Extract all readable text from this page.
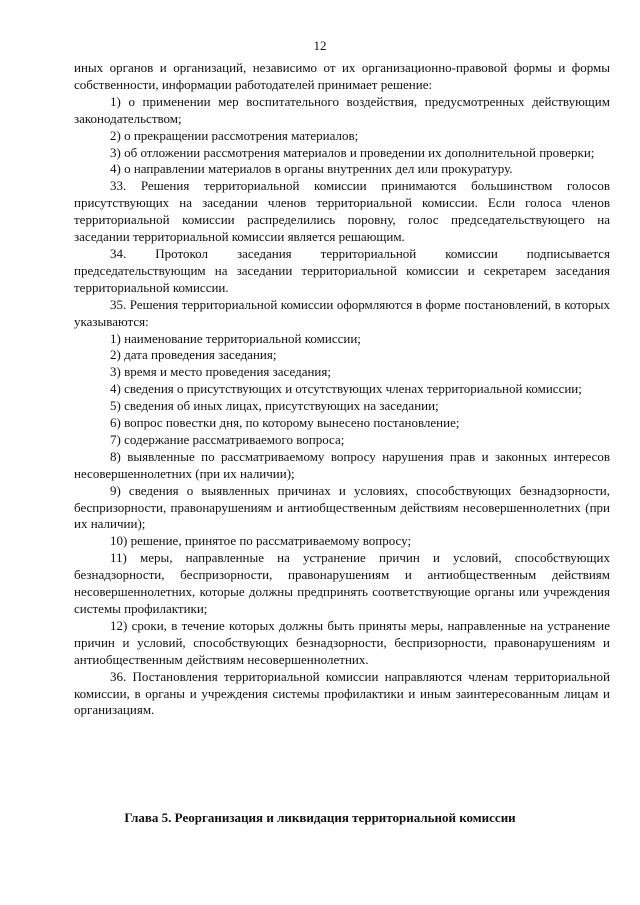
12

иных органов и организаций, независимо от их организационно-правовой формы и формы собственности, информации работодателей принимает решение:

1) о применении мер воспитательного воздействия, предусмотренных действующим законодательством;

2) о прекращении рассмотрения материалов;

3) об отложении рассмотрения материалов и проведении их дополнительной проверки;

4) о направлении материалов в органы внутренних дел или прокуратуру.

33. Решения территориальной комиссии принимаются большинством голосов присутствующих на заседании членов территориальной комиссии. Если голоса членов территориальной комиссии распределились поровну, голос председательствующего на заседании территориальной комиссии является решающим.

34. Протокол заседания территориальной комиссии подписывается председательствующим на заседании территориальной комиссии и секретарем заседания территориальной комиссии.

35. Решения территориальной комиссии оформляются в форме постановлений, в которых указываются:

1) наименование территориальной комиссии;

2) дата проведения заседания;

3) время и место проведения заседания;

4) сведения о присутствующих и отсутствующих членах территориальной комиссии;

5) сведения об иных лицах, присутствующих на заседании;

6) вопрос повестки дня, по которому вынесено постановление;

7) содержание рассматриваемого вопроса;

8) выявленные по рассматриваемому вопросу нарушения прав и законных интересов несовершеннолетних (при их наличии);

9) сведения о выявленных причинах и условиях, способствующих безнадзорности, беспризорности, правонарушениям и антиобщественным действиям несовершеннолетних (при их наличии);

10) решение, принятое по рассматриваемому вопросу;

11) меры, направленные на устранение причин и условий, способствующих безнадзорности, беспризорности, правонарушениям и антиобщественным действиям несовершеннолетних, которые должны предпринять соответствующие органы или учреждения системы профилактики;

12) сроки, в течение которых должны быть приняты меры, направленные на устранение причин и условий, способствующих безнадзорности, беспризорности, правонарушениям и антиобщественным действиям несовершеннолетних.

36. Постановления территориальной комиссии направляются членам территориальной комиссии, в органы и учреждения системы профилактики и иным заинтересованным лицам и организациям.

Глава 5. Реорганизация и ликвидация территориальной комиссии
